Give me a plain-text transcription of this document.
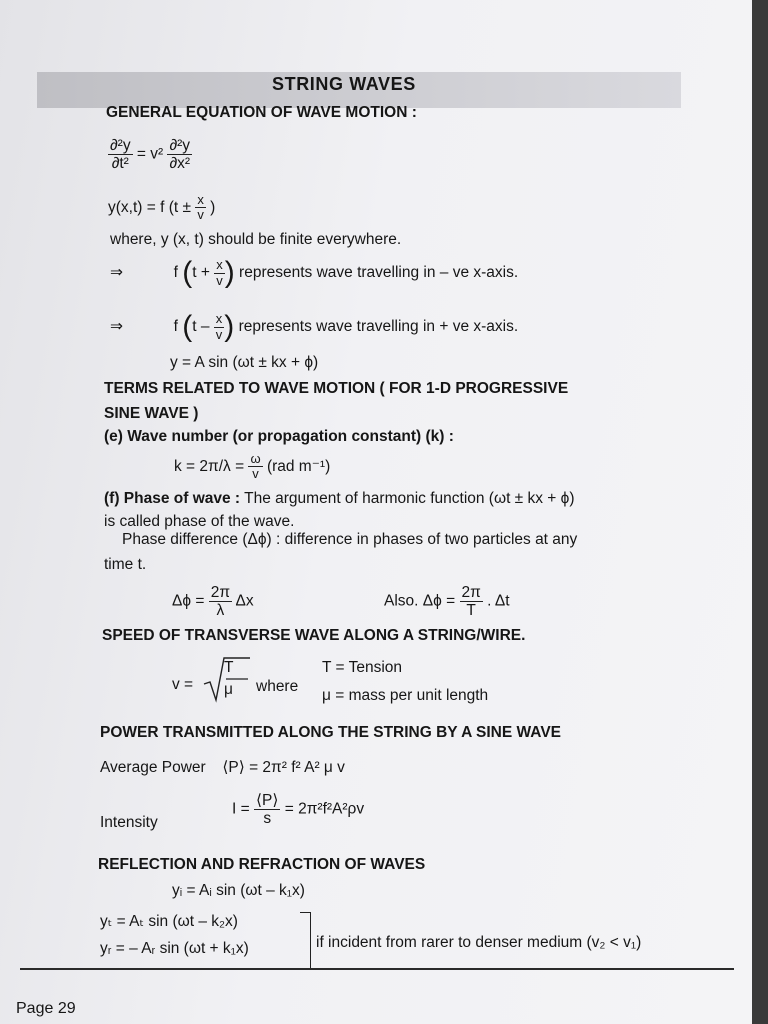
STRING WAVES
GENERAL EQUATION OF WAVE MOTION :
$\frac{\text{∂²y}}{\text{∂t²}} = v^2 \frac{\text{∂²y}}{\text{∂x²}}$
y(x,t) = f ($t \pm \frac{x}{v}$ )
where, y (x, t) should be finite everywhere.
⇒	f ($t + \frac{x}{v}$ ) represents wave travelling in – ve x-axis.
⇒	f ($t - \frac{x}{v}$ ) represents wave travelling in + ve x-axis.
y = A sin (ωt ± kx + ϕ)
TERMS RELATED TO WAVE MOTION ( FOR 1-D PROGRESSIVE
SINE WAVE )
(e) Wave number (or propagation constant) (k) :
$k = 2\pi/\lambda = \frac{\omega}{v} (rad$ m⁻¹)
(f) Phase of wave : The argument of harmonic function (ωt ± kx + ϕ)
is called phase of the wave.
Phase difference (Δϕ) : difference in phases of two particles at any
time t.
$\Delta\phi = \frac{2\pi}{\lambda}$ Δx	Also. $\Delta\phi = \frac{2\pi}{T}$ . Δt
SPEED OF TRANSVERSE WAVE ALONG A STRING/WIRE.
v =
T
μ where
T = Tension
μ = mass per unit length
POWER TRANSMITTED ALONG THE STRING BY A SINE WAVE
Average Power ⟨P⟩ = 2π² f² A² μ v
Intensity
$I = \frac{⟨P⟩}{s} = 2\pi^2f^2A^2\rho v$
REFLECTION AND REFRACTION OF WAVES
yᵢ = Aᵢ sin (ωt – k₁x)
yₜ = Aₜ sin (ωt – k₂x)
yᵣ = – Aᵣ sin (ωt + k₁x)	if incident from rarer to denser medium (v₂ < v₁)
Page 29
